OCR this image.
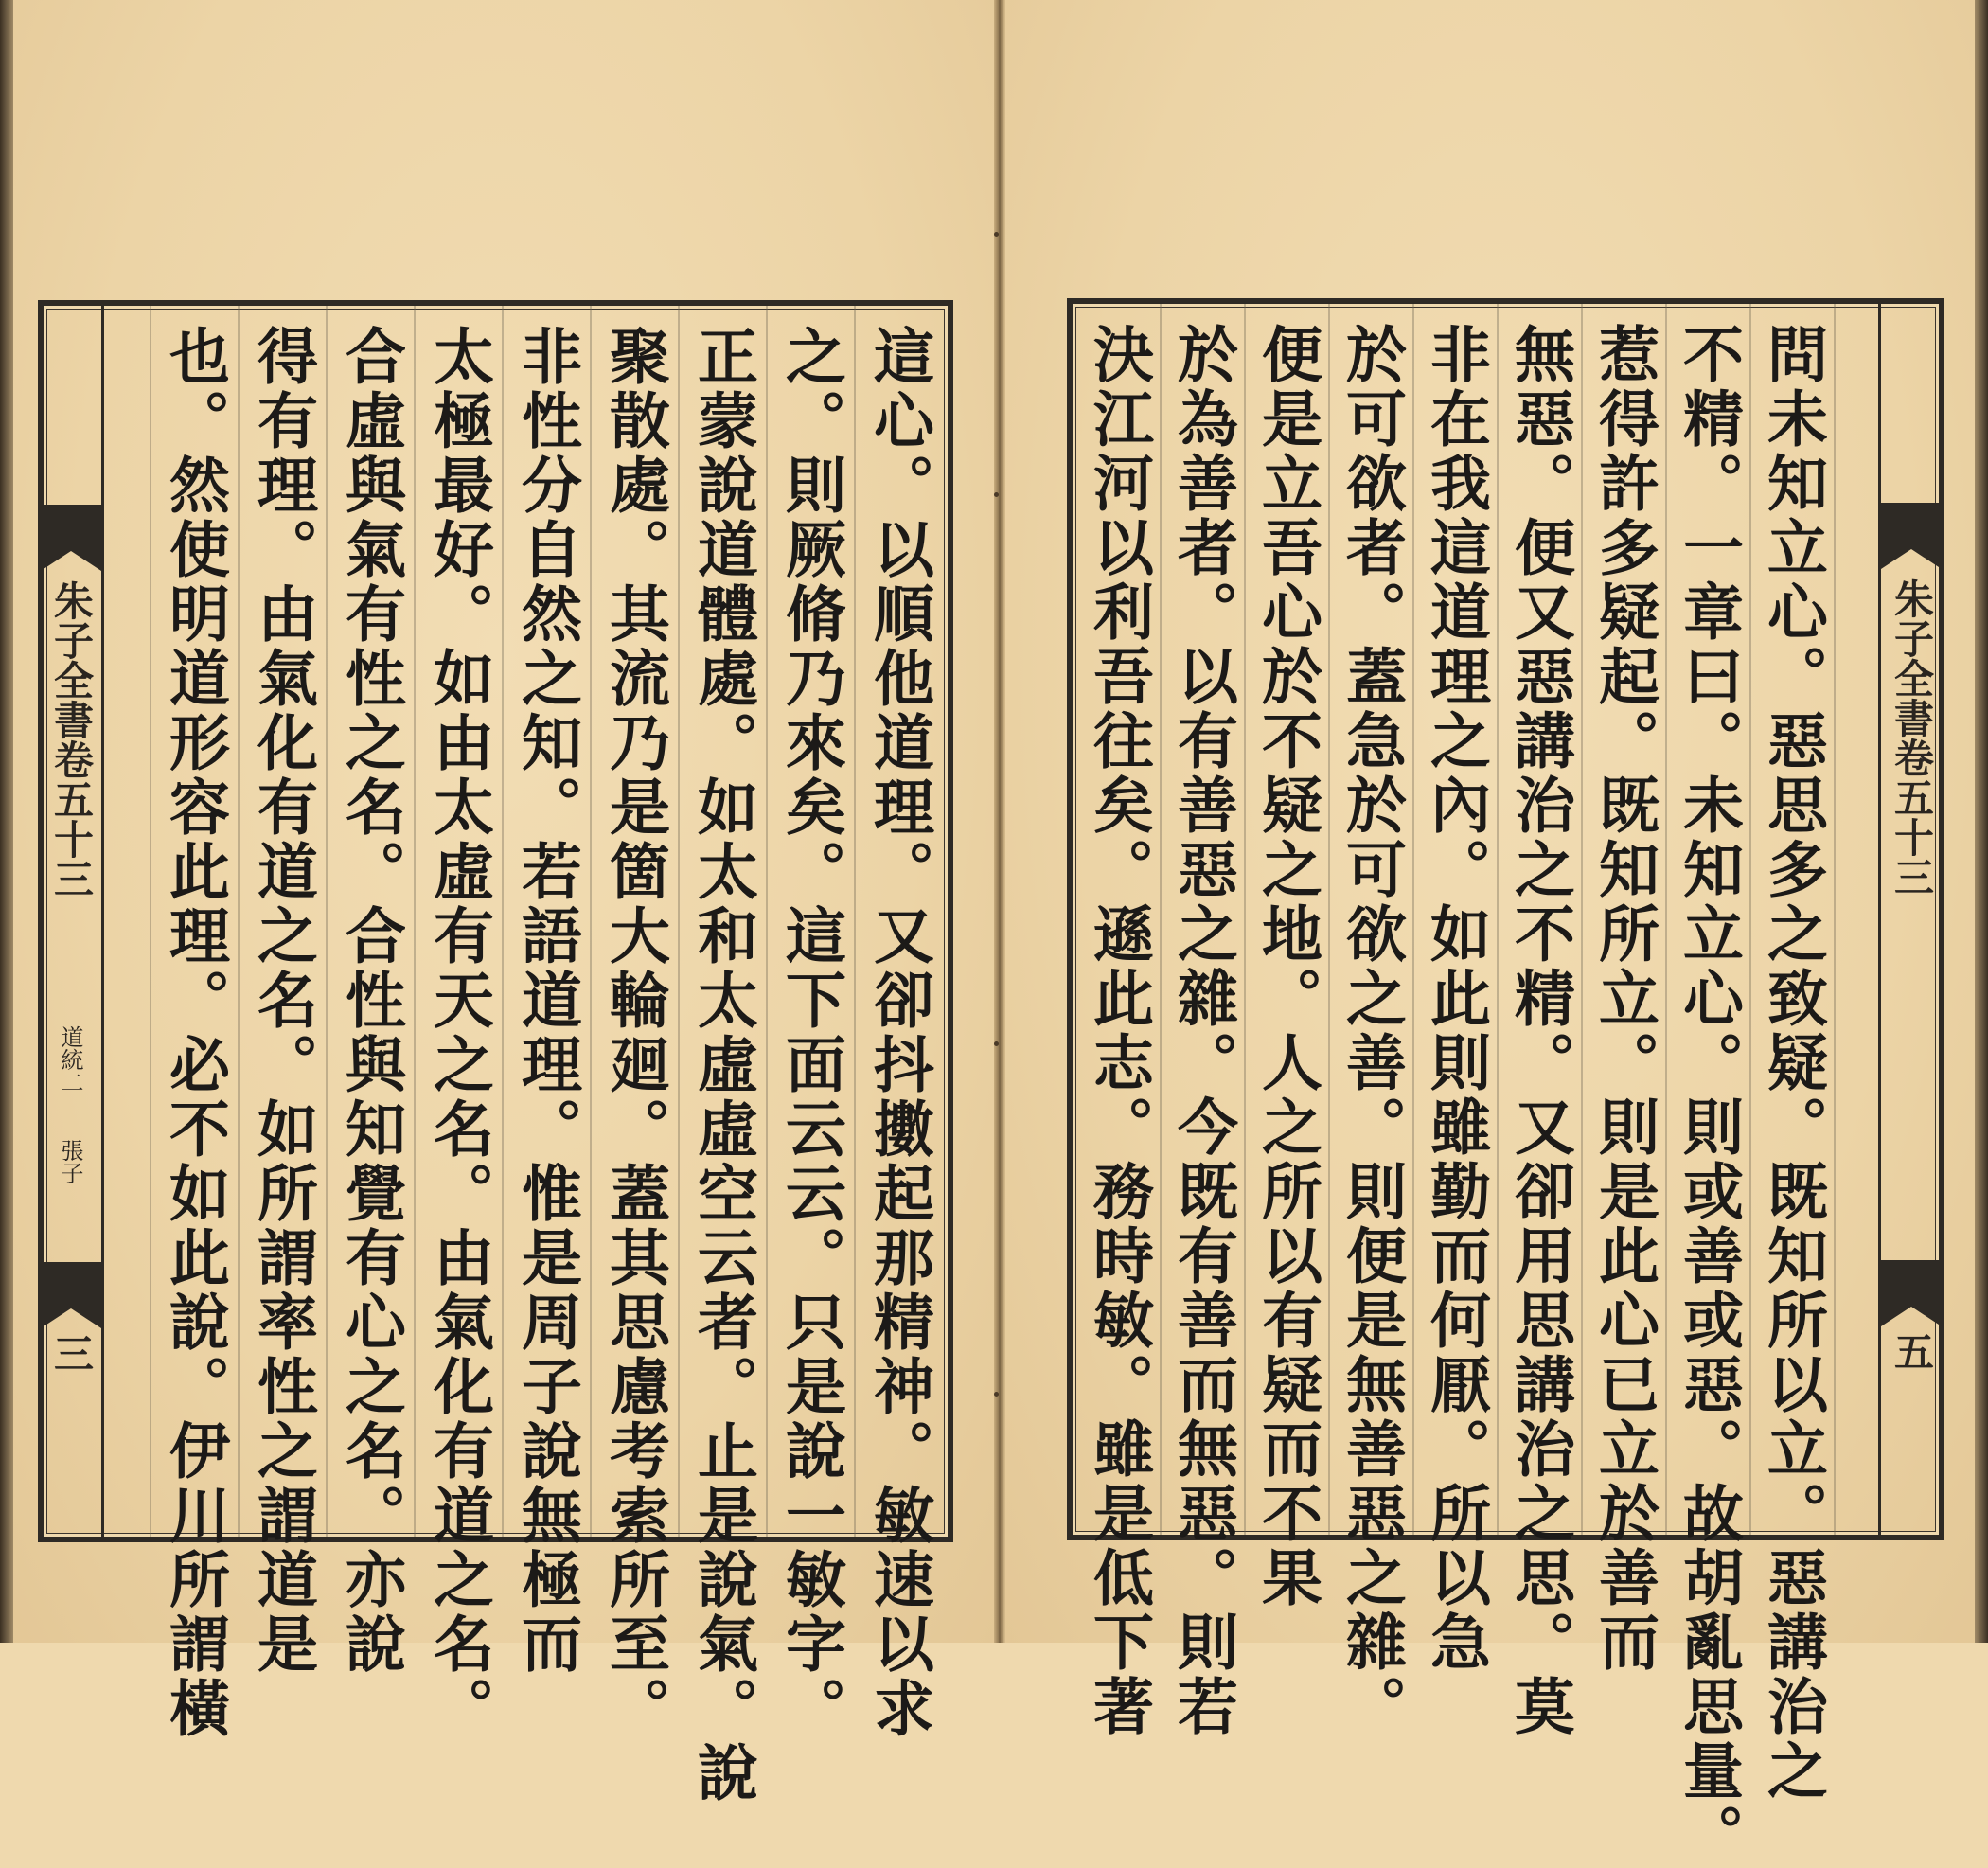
這心。以順他道理。又卻抖擻起那精神。敏速以求
之。則厥脩乃來矣。這下面云云。只是說一敏字。
正蒙說道體處。如太和太虛虛空云者。止是說氣。說
聚散處。其流乃是箇大輪廻。蓋其思慮考索所至。
非性分自然之知。若語道理。惟是周子說無極而
太極最好。如由太虛有天之名。由氣化有道之名。
合虛與氣有性之名。合性與知覺有心之名。亦說
得有理。由氣化有道之名。如所謂率性之謂道是
也。然使明道形容此理。必不如此說。伊川所謂橫
朱子全書卷五十三
道統二
張子
三	問未知立心。惡思多之致疑。既知所以立。惡講治之
不精。一章曰。未知立心。則或善或惡。故胡亂思量。
惹得許多疑起。既知所立。則是此心已立於善而
無惡。便又惡講治之不精。又卻用思講治之思。莫
非在我這道理之內。如此則雖勤而何厭。所以急
於可欲者。蓋急於可欲之善。則便是無善惡之雜。
便是立吾心於不疑之地。人之所以有疑而不果
於為善者。以有善惡之雜。今既有善而無惡。則若
決江河以利吾往矣。遜此志。務時敏。雖是低下著	朱子全書卷五十三
五
